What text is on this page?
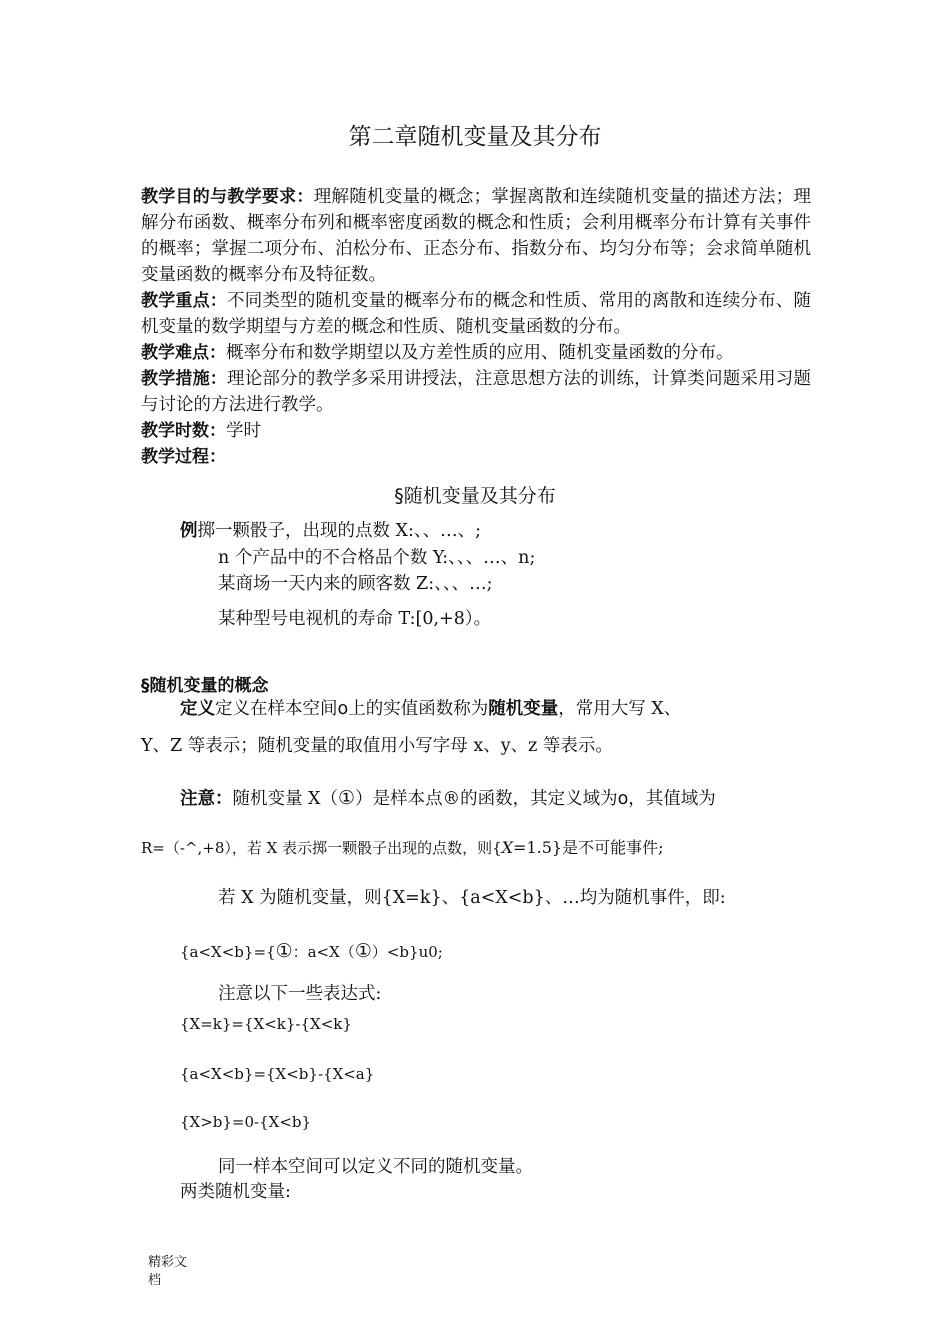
第二章随机变量及其分布
教学目的与教学要求：理解随机变量的概念；掌握离散和连续随机变量的描述方法；理解分布函数、概率分布列和概率密度函数的概念和性质；会利用概率分布计算有关事件的概率；掌握二项分布、泊松分布、正态分布、指数分布、均匀分布等；会求简单随机变量函数的概率分布及特征数。
教学重点：不同类型的随机变量的概率分布的概念和性质、常用的离散和连续分布、随机变量的数学期望与方差的概念和性质、随机变量函数的分布。
教学难点：概率分布和数学期望以及方差性质的应用、随机变量函数的分布。
教学措施：理论部分的教学多采用讲授法，注意思想方法的训练，计算类问题采用习题与讨论的方法进行教学。
教学时数：学时
教学过程：
§随机变量及其分布
例掷一颗骰子，出现的点数 X:、、…、;
n 个产品中的不合格品个数 Y:、、、…、n;
某商场一天内来的顾客数 Z:、、、…;
某种型号电视机的寿命 T:[0,+8）。
§随机变量的概念
定义定义在样本空间o上的实值函数称为随机变量，常用大写 X、
Y、Z 等表示；随机变量的取值用小写字母 x、y、z 等表示。
注意：随机变量 X（①）是样本点®的函数，其定义域为o，其值域为
R=（-^,+8），若 X 表示掷一颗骰子出现的点数，则{X=1.5}是不可能事件;
若 X 为随机变量，则{X=k}、{a<X<b}、…均为随机事件，即:
{a<X<b}={①：a<X（①）<b}u0;
注意以下一些表达式:
{X=k}={X<k}-{X<k}
{a<X<b}={X<b}-{X<a}
{X>b}=0-{X<b}
同一样本空间可以定义不同的随机变量。
两类随机变量:
精彩文
档
